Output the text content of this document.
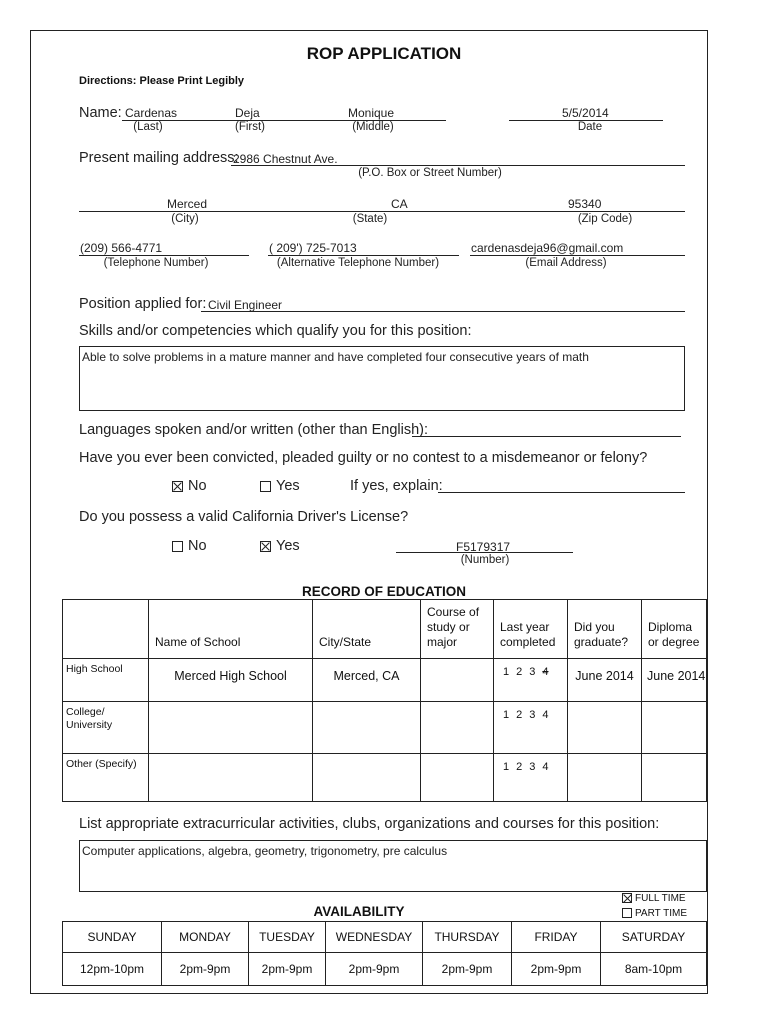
ROP APPLICATION
Directions: Please Print Legibly
Name: Cardenas	Deja	Monique	5/5/2014
(Last)	(First)	(Middle)	Date
Present mailing address:
2986 Chestnut Ave.
(P.O. Box or Street Number)
Merced	CA	95340
(City)	(State)	(Zip Code)
(209) 566-4771	( 209') 725-7013	cardenasdeja96@gmail.com
(Telephone Number)	(Alternative Telephone Number)	(Email Address)
Position applied for: Civil Engineer
Skills and/or competencies which qualify you for this position:
Able to solve problems in a mature manner and have completed four consecutive years of math
Languages spoken and/or written (other than English):
Have you ever been convicted, pleaded guilty or no contest to a misdemeanor or felony?
No	Yes	If yes, explain:
Do you possess a valid California Driver's License?
No	Yes	F5179317
(Number)
RECORD OF EDUCATION
	Name of School	City/State	Course of study or major	Last year completed	Did you graduate?	Diploma or degree
High School	Merced High School	Merced, CA		1 2 3 4	June 2014	June 2014
College/ University				1 2 3 4		
Other (Specify)				1 2 3 4		
List appropriate extracurricular activities, clubs, organizations and courses for this position:
Computer applications, algebra, geometry, trigonometry, pre calculus
FULL TIME
PART TIME
AVAILABILITY
SUNDAY	MONDAY	TUESDAY	WEDNESDAY	THURSDAY	FRIDAY	SATURDAY
12pm-10pm	2pm-9pm	2pm-9pm	2pm-9pm	2pm-9pm	2pm-9pm	8am-10pm
